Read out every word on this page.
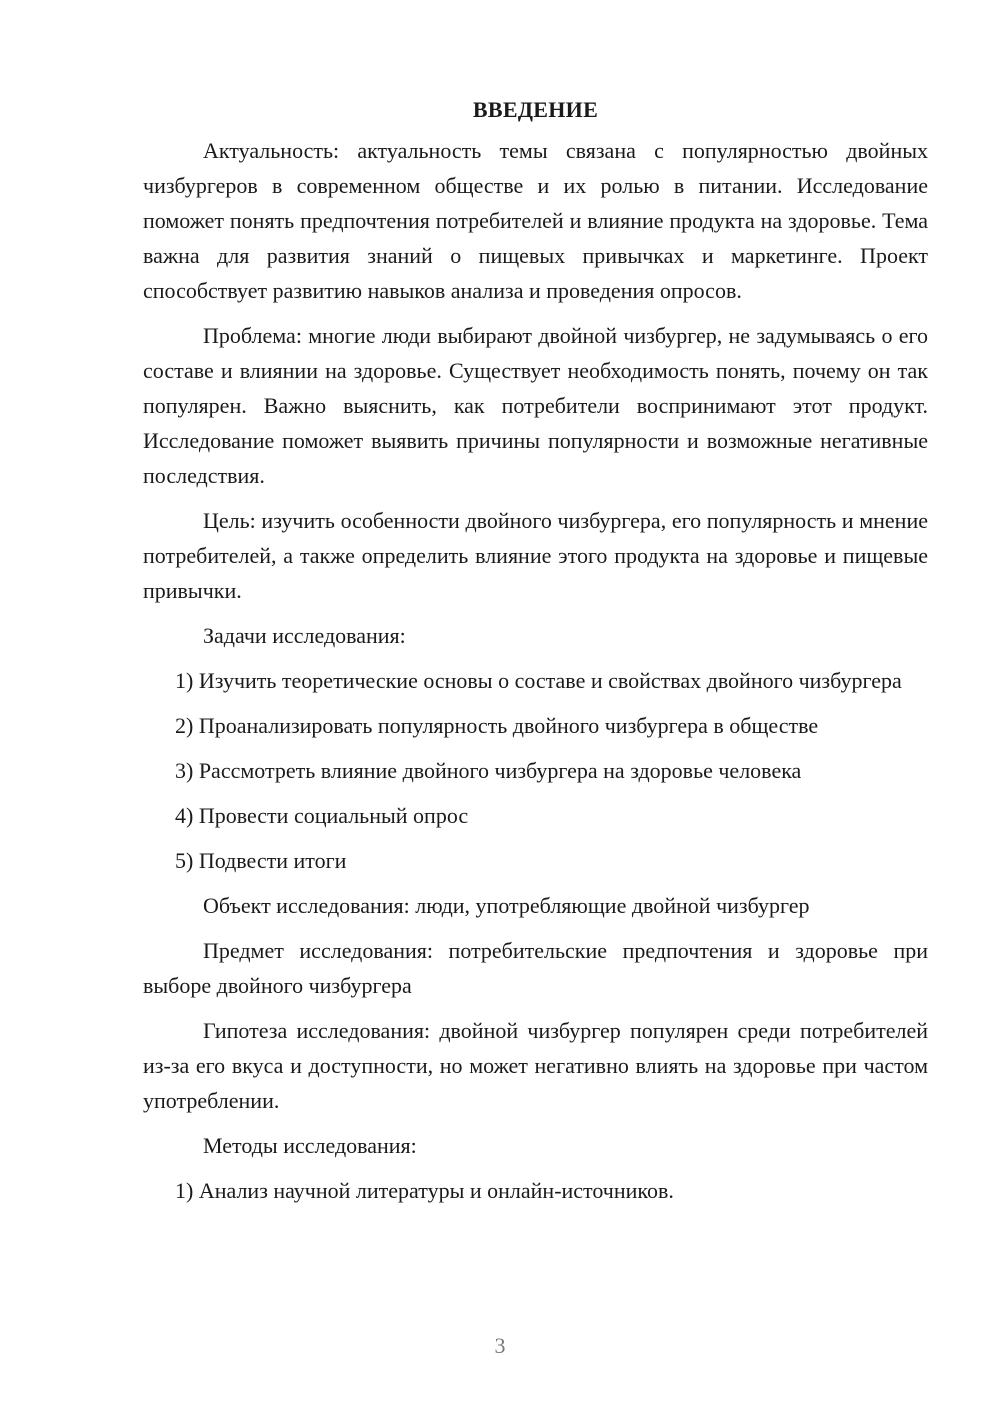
ВВЕДЕНИЕ

Актуальность: актуальность темы связана с популярностью двойных чизбургеров в современном обществе и их ролью в питании. Исследование поможет понять предпочтения потребителей и влияние продукта на здоровье. Тема важна для развития знаний о пищевых привычках и маркетинге. Проект способствует развитию навыков анализа и проведения опросов.

Проблема: многие люди выбирают двойной чизбургер, не задумываясь о его составе и влиянии на здоровье. Существует необходимость понять, почему он так популярен. Важно выяснить, как потребители воспринимают этот продукт. Исследование поможет выявить причины популярности и возможные негативные последствия.

Цель: изучить особенности двойного чизбургера, его популярность и мнение потребителей, а также определить влияние этого продукта на здоровье и пищевые привычки.

Задачи исследования:

1) Изучить теоретические основы о составе и свойствах двойного чизбургера

2) Проанализировать популярность двойного чизбургера в обществе

3) Рассмотреть влияние двойного чизбургера на здоровье человека

4) Провести социальный опрос

5) Подвести итоги

Объект исследования: люди, употребляющие двойной чизбургер

Предмет исследования: потребительские предпочтения и здоровье при выборе двойного чизбургера

Гипотеза исследования: двойной чизбургер популярен среди потребителей из-за его вкуса и доступности, но может негативно влиять на здоровье при частом употреблении.

Методы исследования:

1) Анализ научной литературы и онлайн-источников.

3
